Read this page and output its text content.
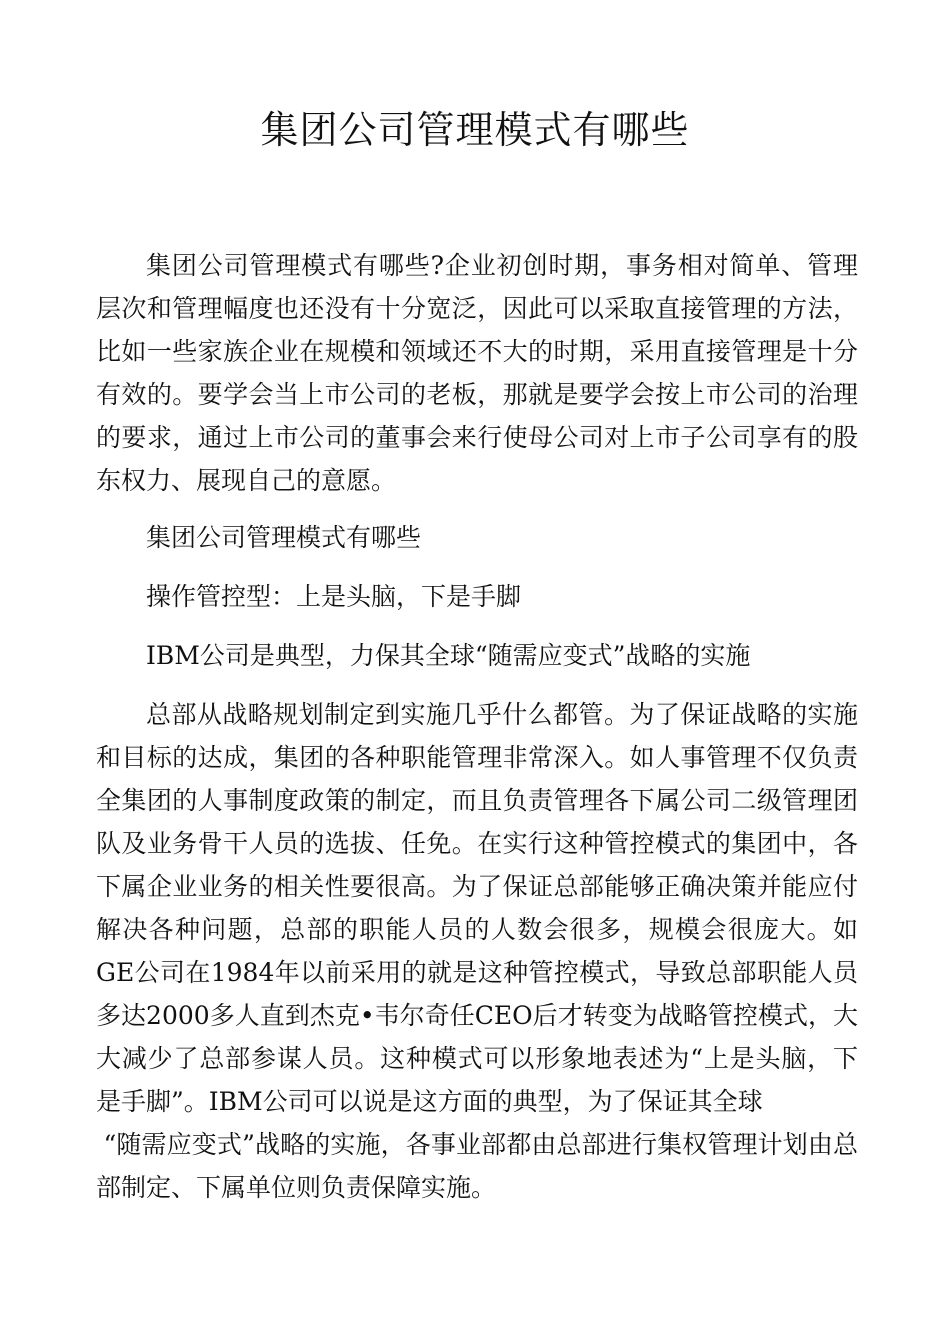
集团公司管理模式有哪些

集团公司管理模式有哪些?企业初创时期，事务相对简单、管理层次和管理幅度也还没有十分宽泛，因此可以采取直接管理的方法，比如一些家族企业在规模和领域还不大的时期，采用直接管理是十分有效的。要学会当上市公司的老板，那就是要学会按上市公司的治理的要求，通过上市公司的董事会来行使母公司对上市子公司享有的股东权力、展现自己的意愿。

集团公司管理模式有哪些

操作管控型：上是头脑，下是手脚

IBM公司是典型，力保其全球“随需应变式”战略的实施

总部从战略规划制定到实施几乎什么都管。为了保证战略的实施和目标的达成，集团的各种职能管理非常深入。如人事管理不仅负责全集团的人事制度政策的制定，而且负责管理各下属公司二级管理团队及业务骨干人员的选拔、任免。在实行这种管控模式的集团中，各下属企业业务的相关性要很高。为了保证总部能够正确决策并能应付解决各种问题，总部的职能人员的人数会很多，规模会很庞大。如GE公司在1984年以前采用的就是这种管控模式，导致总部职能人员多达2000多人直到杰克•韦尔奇任CEO后才转变为战略管控模式，大大减少了总部参谋人员。这种模式可以形象地表述为“上是头脑，下是手脚”。IBM公司可以说是这方面的典型，为了保证其全球

“随需应变式”战略的实施，各事业部都由总部进行集权管理计划由总部制定、下属单位则负责保障实施。
